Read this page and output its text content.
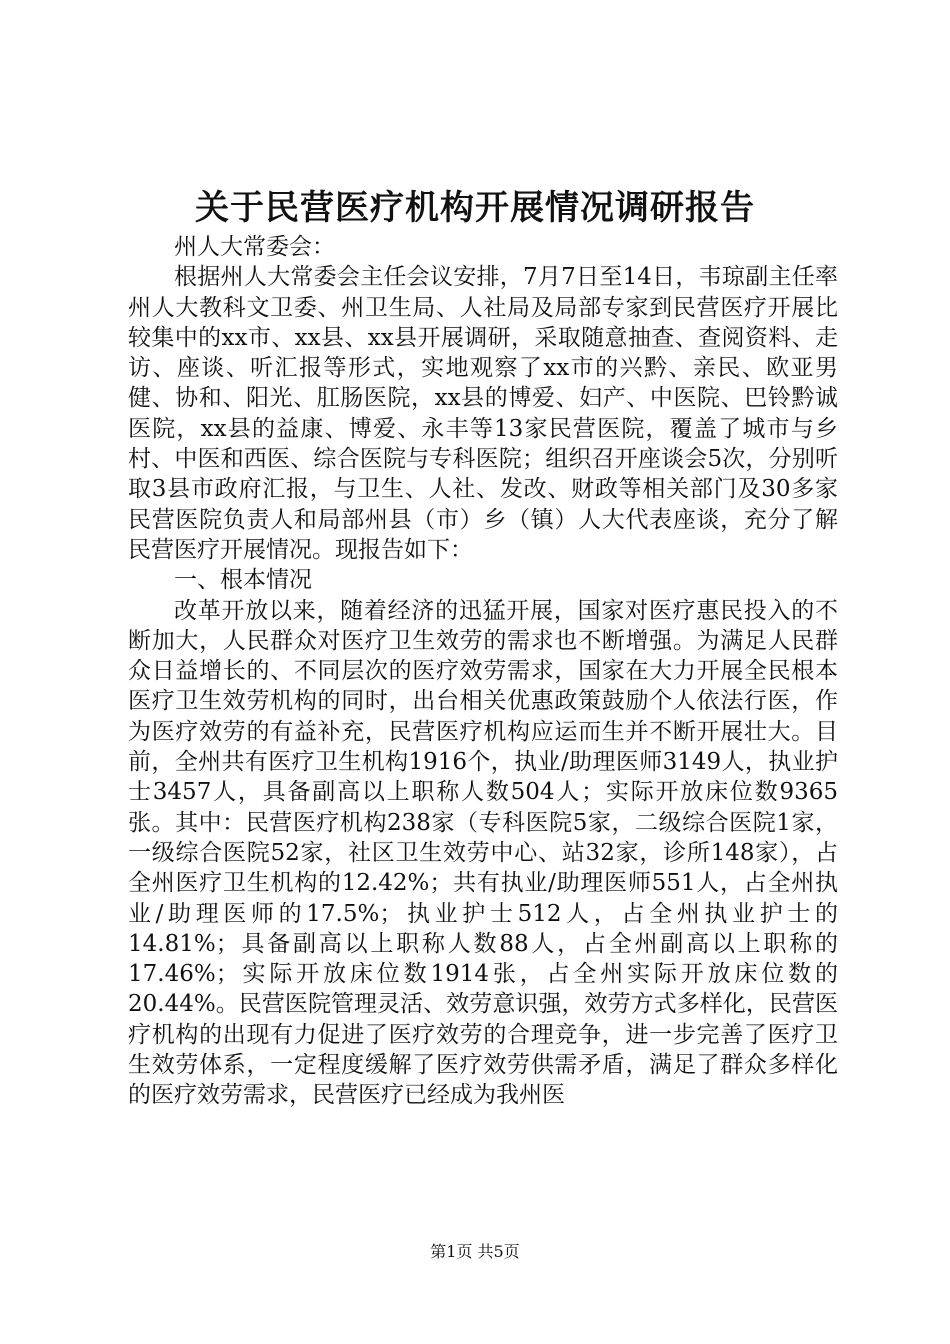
关于民营医疗机构开展情况调研报告

州人大常委会：

根据州人大常委会主任会议安排，7月7日至14日，韦琼副主任率州人大教科文卫委、州卫生局、人社局及局部专家到民营医疗开展比较集中的xx市、xx县、xx县开展调研，采取随意抽查、查阅资料、走访、座谈、听汇报等形式，实地观察了xx市的兴黔、亲民、欧亚男健、协和、阳光、肛肠医院，xx县的博爱、妇产、中医院、巴铃黔诚医院，xx县的益康、博爱、永丰等13家民营医院，覆盖了城市与乡村、中医和西医、综合医院与专科医院；组织召开座谈会5次，分别听取3县市政府汇报，与卫生、人社、发改、财政等相关部门及30多家民营医院负责人和局部州县（市）乡（镇）人大代表座谈，充分了解民营医疗开展情况。现报告如下：

一、根本情况

改革开放以来，随着经济的迅猛开展，国家对医疗惠民投入的不断加大，人民群众对医疗卫生效劳的需求也不断增强。为满足人民群众日益增长的、不同层次的医疗效劳需求，国家在大力开展全民根本医疗卫生效劳机构的同时，出台相关优惠政策鼓励个人依法行医，作为医疗效劳的有益补充，民营医疗机构应运而生并不断开展壮大。目前，全州共有医疗卫生机构1916个，执业/助理医师3149人，执业护士3457人，具备副高以上职称人数504人；实际开放床位数9365张。其中：民营医疗机构238家（专科医院5家，二级综合医院1家，一级综合医院52家，社区卫生效劳中心、站32家，诊所148家），占全州医疗卫生机构的12.42%；共有执业/助理医师551人，占全州执业/助理医师的17.5%；执业护士512人，占全州执业护士的14.81%；具备副高以上职称人数88人，占全州副高以上职称的17.46%；实际开放床位数1914张，占全州实际开放床位数的20.44%。民营医院管理灵活、效劳意识强，效劳方式多样化，民营医疗机构的出现有力促进了医疗效劳的合理竞争，进一步完善了医疗卫生效劳体系，一定程度缓解了医疗效劳供需矛盾，满足了群众多样化的医疗效劳需求，民营医疗已经成为我州医

第1页 共5页
